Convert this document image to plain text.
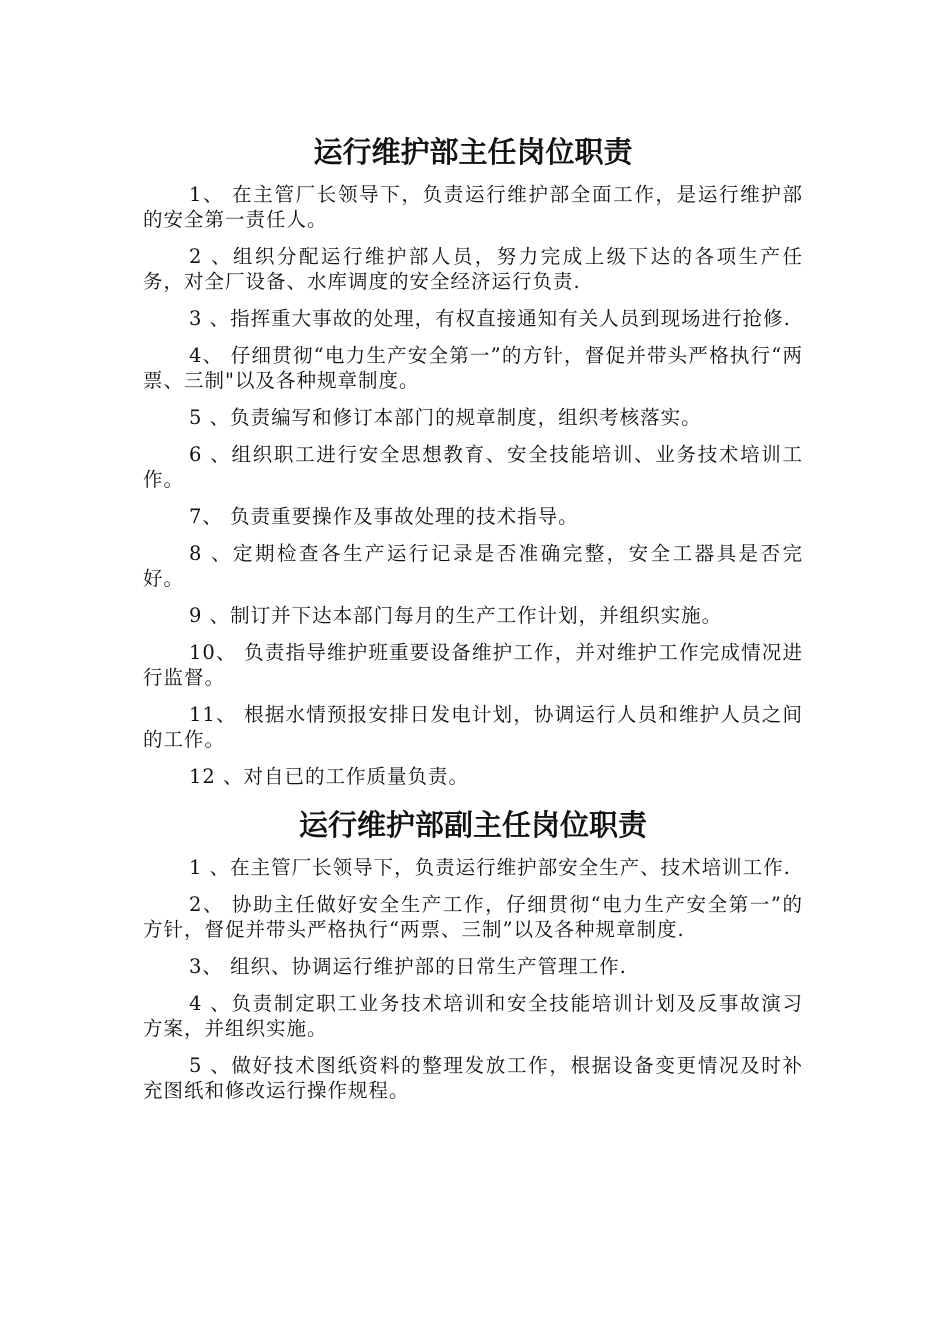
运行维护部主任岗位职责

1、 在主管厂长领导下，负责运行维护部全面工作，是运行维护部的安全第一责任人。

2 、组织分配运行维护部人员，努力完成上级下达的各项生产任务，对全厂设备、水库调度的安全经济运行负责.

3 、指挥重大事故的处理，有权直接通知有关人员到现场进行抢修.

4、 仔细贯彻“电力生产安全第一”的方针，督促并带头严格执行“两票、三制"以及各种规章制度。

5 、负责编写和修订本部门的规章制度，组织考核落实。

6 、组织职工进行安全思想教育、安全技能培训、业务技术培训工作。

7、 负责重要操作及事故处理的技术指导。

8 、定期检查各生产运行记录是否准确完整，安全工器具是否完好。

9 、制订并下达本部门每月的生产工作计划，并组织实施。

10、 负责指导维护班重要设备维护工作，并对维护工作完成情况进行监督。

11、 根据水情预报安排日发电计划，协调运行人员和维护人员之间的工作。

12 、对自已的工作质量负责。

运行维护部副主任岗位职责

1 、在主管厂长领导下，负责运行维护部安全生产、技术培训工作.

2、 协助主任做好安全生产工作，仔细贯彻“电力生产安全第一”的方针，督促并带头严格执行“两票、三制”以及各种规章制度.

3、 组织、协调运行维护部的日常生产管理工作.

4 、负责制定职工业务技术培训和安全技能培训计划及反事故演习方案，并组织实施。

5 、做好技术图纸资料的整理发放工作，根据设备变更情况及时补充图纸和修改运行操作规程。
